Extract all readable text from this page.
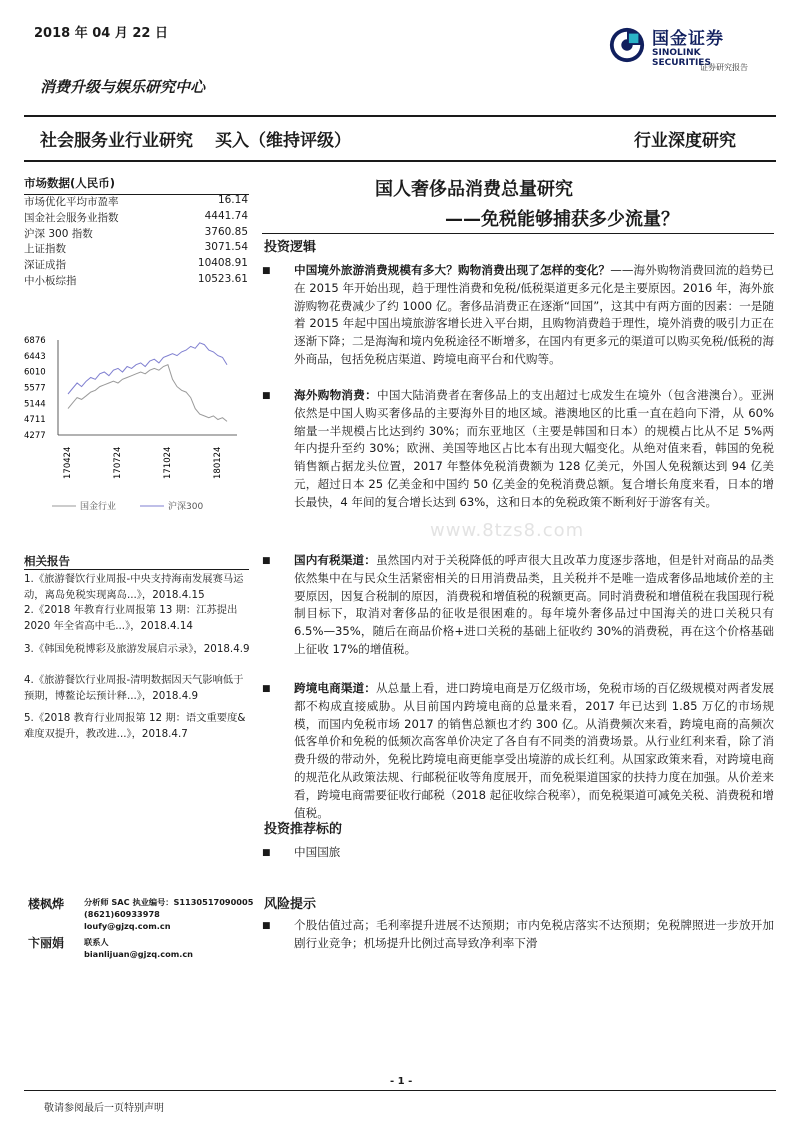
2018 年 04 月 22 日	国金证券
SINOLINK SECURITIES
证券研究报告
消费升级与娱乐研究中心
社会服务业行业研究 买入（维持评级）	行业深度研究
市场数据(人民币)
市场优化平均市盈率	16.14
国金社会服务业指数	4441.74
沪深 300 指数	3760.85
上证指数	3071.54
深证成指	10408.91
中小板综指	10523.61
国人奢侈品消费总量研究
——免税能够捕获多少流量？
投资逻辑
■ 中国境外旅游消费规模有多大？购物消费出现了怎样的变化？——海外购物消费回流的趋势已在 2015 年开始出现，趋于理性消费和免税/低税渠道更多元化是主要原因。2016 年，海外旅游购物花费减少了约 1000 亿。奢侈品消费正在逐渐“回国”，这其中有两方面的因素：一是随着 2015 年起中国出境旅游客增长进入平台期，且购物消费趋于理性，境外消费的吸引力正在逐渐下降；二是海淘和境内免税途径不断增多，在国内有更多元的渠道可以购买免税/低税的海外商品，包括免税店渠道、跨境电商平台和代购等。
■ 海外购物消费：中国大陆消费者在奢侈品上的支出超过七成发生在境外（包含港澳台）。亚洲依然是中国人购买奢侈品的主要海外目的地区域。港澳地区的比重一直在趋向下滑，从 60%缩量一半规模占比达到约 30%；而东亚地区（主要是韩国和日本）的规模占比从不足 5%两年内提升至约 30%；欧洲、美国等地区占比本有出现大幅变化。从绝对值来看，韩国的免税销售额占据龙头位置，2017 年整体免税消费额为 128 亿美元，外国人免税额达到 94 亿美元，超过日本 25 亿美金和中国约 50 亿美金的免税消费总额。复合增长角度来看，日本的增长最快，4 年间的复合增长达到 63%，这和日本的免税政策不断利好于游客有关。
■ 国内有税渠道：虽然国内对于关税降低的呼声很大且改革力度逐步落地，但是针对商品的品类依然集中在与民众生活紧密相关的日用消费品类，且关税并不是唯一造成奢侈品地域价差的主要原因，因复合税制的原因，消费税和增值税的税额更高。同时消费税和增值税在我国现行税制目标下，取消对奢侈品的征收是很困难的。每年境外奢侈品过中国海关的进口关税只有 6.5%—35%，随后在商品价格+进口关税的基础上征收约 30%的消费税，再在这个价格基础上征收 17%的增值税。
■ 跨境电商渠道：从总量上看，进口跨境电商是万亿级市场，免税市场的百亿级规模对两者发展都不构成直接威胁。从目前国内跨境电商的总量来看，2017 年已达到 1.85 万亿的市场规模，而国内免税市场 2017 的销售总额也才约 300 亿。从消费频次来看，跨境电商的高频次低客单价和免税的低频次高客单价决定了各自有不同类的消费场景。从行业红利来看，除了消费升级的带动外，免税比跨境电商更能享受出境游的成长红利。从国家政策来看，对跨境电商的规范化从政策法规、行邮税征收等角度展开，而免税渠道国家的扶持力度在加强。从价差来看，跨境电商需要征收行邮税（2018 起征收综合税率），而免税渠道可减免关税、消费税和增值税。
投资推荐标的
■ 中国国旅
风险提示
■ 个股估值过高；毛利率提升进展不达预期；市内免税店落实不达预期；免税牌照进一步放开加剧行业竞争；机场提升比例过高导致净利率下滑
6876
6443
6010
5577
5144
4711
4277
170424	170724	171024	180124
国金行业	沪深300
相关报告
1.《旅游餐饮行业周报-中央支持海南发展赛马运动，离岛免税实现离岛...》，2018.4.15
2.《2018 年教育行业周报第 13 期：江苏提出 2020 年全省高中毛...》，2018.4.14
3.《韩国免税博彩及旅游发展启示录》，2018.4.9
4.《旅游餐饮行业周报-清明数据因天气影响低于预期，博鳌论坛预计释...》，2018.4.9
5.《2018 教育行业周报第 12 期：语文重要度&难度双提升，教改进...》，2018.4.7
楼枫烨 分析师 SAC 执业编号：S1130517090005
(8621)60933978
loufy@gjzq.com.cn
卞丽娟 联系人
bianlijuan@gjzq.com.cn
www.8tzs8.com
- 1 -
敬请参阅最后一页特别声明
